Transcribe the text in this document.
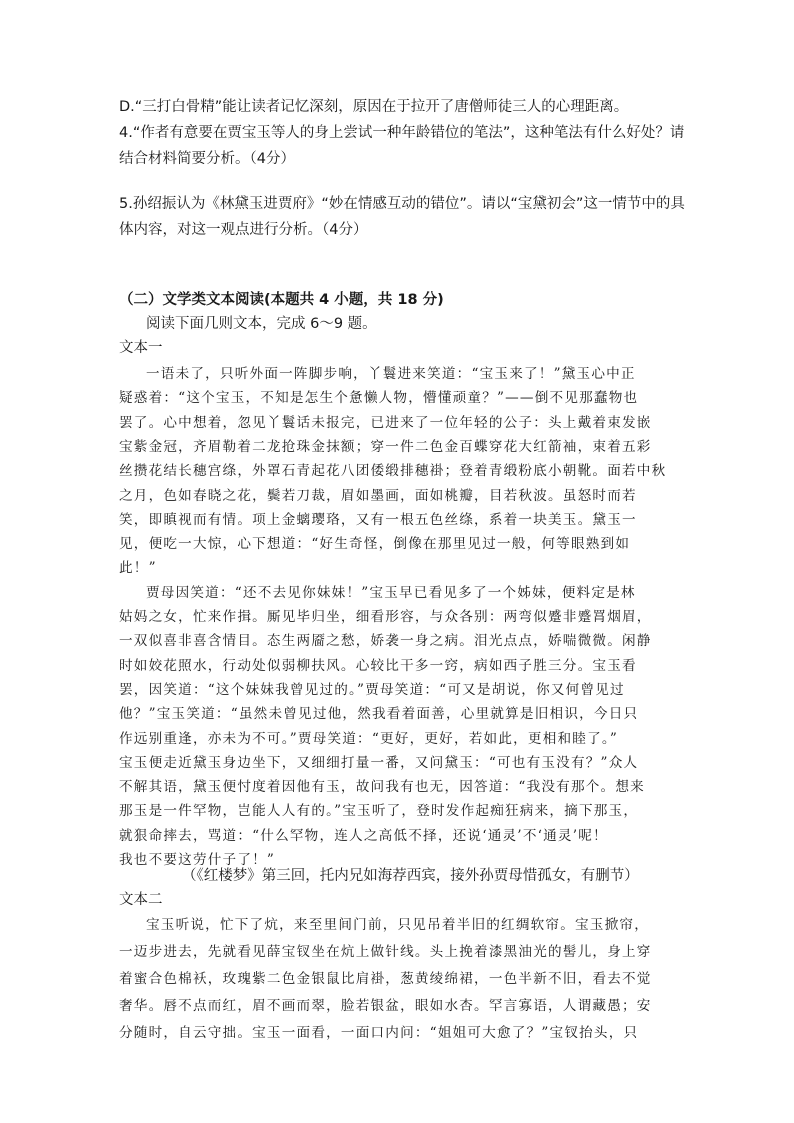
D.“三打白骨精”能让读者记忆深刻，原因在于拉开了唐僧师徒三人的心理距离。
4.“作者有意要在贾宝玉等人的身上尝试一种年龄错位的笔法”，这种笔法有什么好处？请
结合材料简要分析。（4分）
5.孙绍振认为《林黛玉进贾府》“妙在情感互动的错位”。请以“宝黛初会”这一情节中的具
体内容，对这一观点进行分析。（4分）
（二）文学类文本阅读(本题共 4 小题，共 18 分)
阅读下面几则文本，完成 6～9 题。
文本一
一语未了，只听外面一阵脚步响，丫鬟进来笑道：“宝玉来了！”黛玉心中正
疑惑着：“这个宝玉，不知是怎生个惫懒人物，懵懂顽童？”——倒不见那蠢物也
罢了。心中想着，忽见丫鬟话未报完，已进来了一位年轻的公子：头上戴着束发嵌
宝紫金冠，齐眉勒着二龙抢珠金抹额；穿一件二色金百蝶穿花大红箭袖，束着五彩
丝攒花结长穗宫绦，外罩石青起花八团倭缎排穗褂；登着青缎粉底小朝靴。面若中秋
之月，色如春晓之花，鬓若刀裁，眉如墨画，面如桃瓣，目若秋波。虽怒时而若
笑，即瞋视而有情。项上金螭璎珞，又有一根五色丝绦，系着一块美玉。黛玉一
见，便吃一大惊，心下想道：“好生奇怪，倒像在那里见过一般，何等眼熟到如
此！”
贾母因笑道：“还不去见你妹妹！”宝玉早已看见多了一个姊妹，便料定是林
姑妈之女，忙来作揖。厮见毕归坐，细看形容，与众各别：两弯似蹙非蹙罥烟眉，
一双似喜非喜含情目。态生两靥之愁，娇袭一身之病。泪光点点，娇喘微微。闲静
时如姣花照水，行动处似弱柳扶风。心较比干多一窍，病如西子胜三分。宝玉看
罢，因笑道：“这个妹妹我曾见过的。”贾母笑道：“可又是胡说，你又何曾见过
他？”宝玉笑道：“虽然未曾见过他，然我看着面善，心里就算是旧相识，今日只
作远别重逢，亦未为不可。”贾母笑道：“更好，更好，若如此，更相和睦了。”
宝玉便走近黛玉身边坐下，又细细打量一番，又问黛玉：“可也有玉没有？”众人
不解其语，黛玉便忖度着因他有玉，故问我有也无，因答道：“我没有那个。想来
那玉是一件罕物，岂能人人有的。”宝玉听了，登时发作起痴狂病来，摘下那玉，
就狠命摔去，骂道：“什么罕物，连人之高低不择，还说‘通灵’不‘通灵’呢！
我也不要这劳什子了！”
（《红楼梦》第三回，托内兄如海荐西宾，接外孙贾母惜孤女，有删节）
文本二
宝玉听说，忙下了炕，来至里间门前，只见吊着半旧的红绸软帘。宝玉掀帘，
一迈步进去，先就看见薛宝钗坐在炕上做针线。头上挽着漆黑油光的髻儿，身上穿
着蜜合色棉袄，玫瑰紫二色金银鼠比肩褂，葱黄绫绵裙，一色半新不旧，看去不觉
奢华。唇不点而红，眉不画而翠，脸若银盆，眼如水杏。罕言寡语，人谓藏愚；安
分随时，自云守拙。宝玉一面看，一面口内问：“姐姐可大愈了？”宝钗抬头，只
